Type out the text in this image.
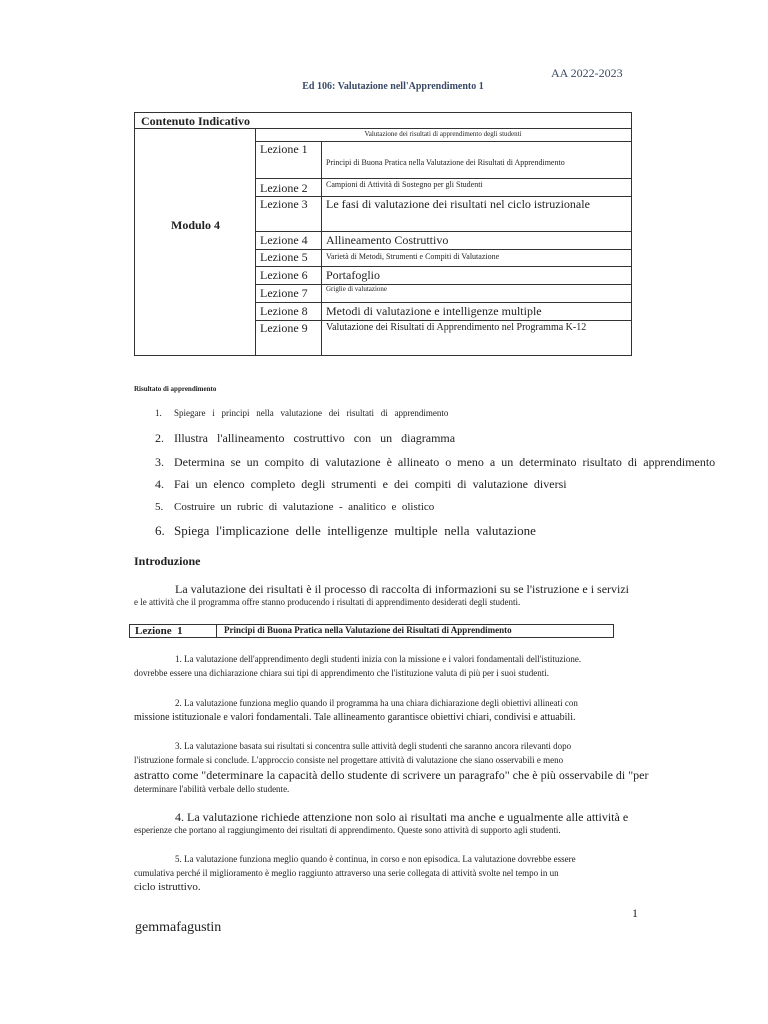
AA 2022-2023
Ed 106: Valutazione nell'Apprendimento 1
Contenuto Indicativo
Modulo 4
Valutazione dei risultati di apprendimento degli studenti
Lezione 1
Principi di Buona Pratica nella Valutazione dei Risultati di Apprendimento
Lezione 2 Campioni di Attività di Sostegno per gli Studenti
Lezione 3 Le fasi di valutazione dei risultati nel ciclo istruzionale
Lezione 4 Allineamento Costruttivo
Lezione 5 Varietà di Metodi, Strumenti e Compiti di Valutazione
Lezione 6 Portafoglio
Lezione 7	Griglie di valutazione
Lezione 8 Metodi di valutazione e intelligenze multiple
Lezione 9 Valutazione dei Risultati di Apprendimento nel Programma K-12
Risultato di apprendimento
1. Spiegare   i   principi   nella   valutazione   dei   risultati   di   apprendimento
2. Illustra   l'allineamento   costruttivo   con   un   diagramma
3. Determina  se  un  compito  di  valutazione  è  allineato  o  meno  a  un  determinato  risultato  di  apprendimento
4. Fai  un  elenco  completo  degli  strumenti  e  dei  compiti  di  valutazione  diversi
5. Costruire  un  rubric  di  valutazione  -  analitico  e  olistico
6. Spiega  l'implicazione  delle  intelligenze  multiple  nella  valutazione
Introduzione
La valutazione dei risultati è il processo di raccolta di informazioni su se l'istruzione e i servizi
e le attività che il programma offre stanno producendo i risultati di apprendimento desiderati degli studenti.
Lezione  1	Principi di Buona Pratica nella Valutazione dei Risultati di Apprendimento
1. La valutazione dell'apprendimento degli studenti inizia con la missione e i valori fondamentali dell'istituzione.
dovrebbe essere una dichiarazione chiara sui tipi di apprendimento che l'istituzione valuta di più per i suoi studenti.
2. La valutazione funziona meglio quando il programma ha una chiara dichiarazione degli obiettivi allineati con
missione istituzionale e valori fondamentali. Tale allineamento garantisce obiettivi chiari, condivisi e attuabili.
3. La valutazione basata sui risultati si concentra sulle attività degli studenti che saranno ancora rilevanti dopo
l'istruzione formale si conclude. L'approccio consiste nel progettare attività di valutazione che siano osservabili e meno
astratto come "determinare la capacità dello studente di scrivere un paragrafo" che è più osservabile di "per
determinare l'abilità verbale dello studente.
4. La valutazione richiede attenzione non solo ai risultati ma anche e ugualmente alle attività e
esperienze che portano al raggiungimento dei risultati di apprendimento. Queste sono attività di supporto agli studenti.
5. La valutazione funziona meglio quando è continua, in corso e non episodica. La valutazione dovrebbe essere
cumulativa perché il miglioramento è meglio raggiunto attraverso una serie collegata di attività svolte nel tempo in un
ciclo istruttivo.
1
gemmafagustin
